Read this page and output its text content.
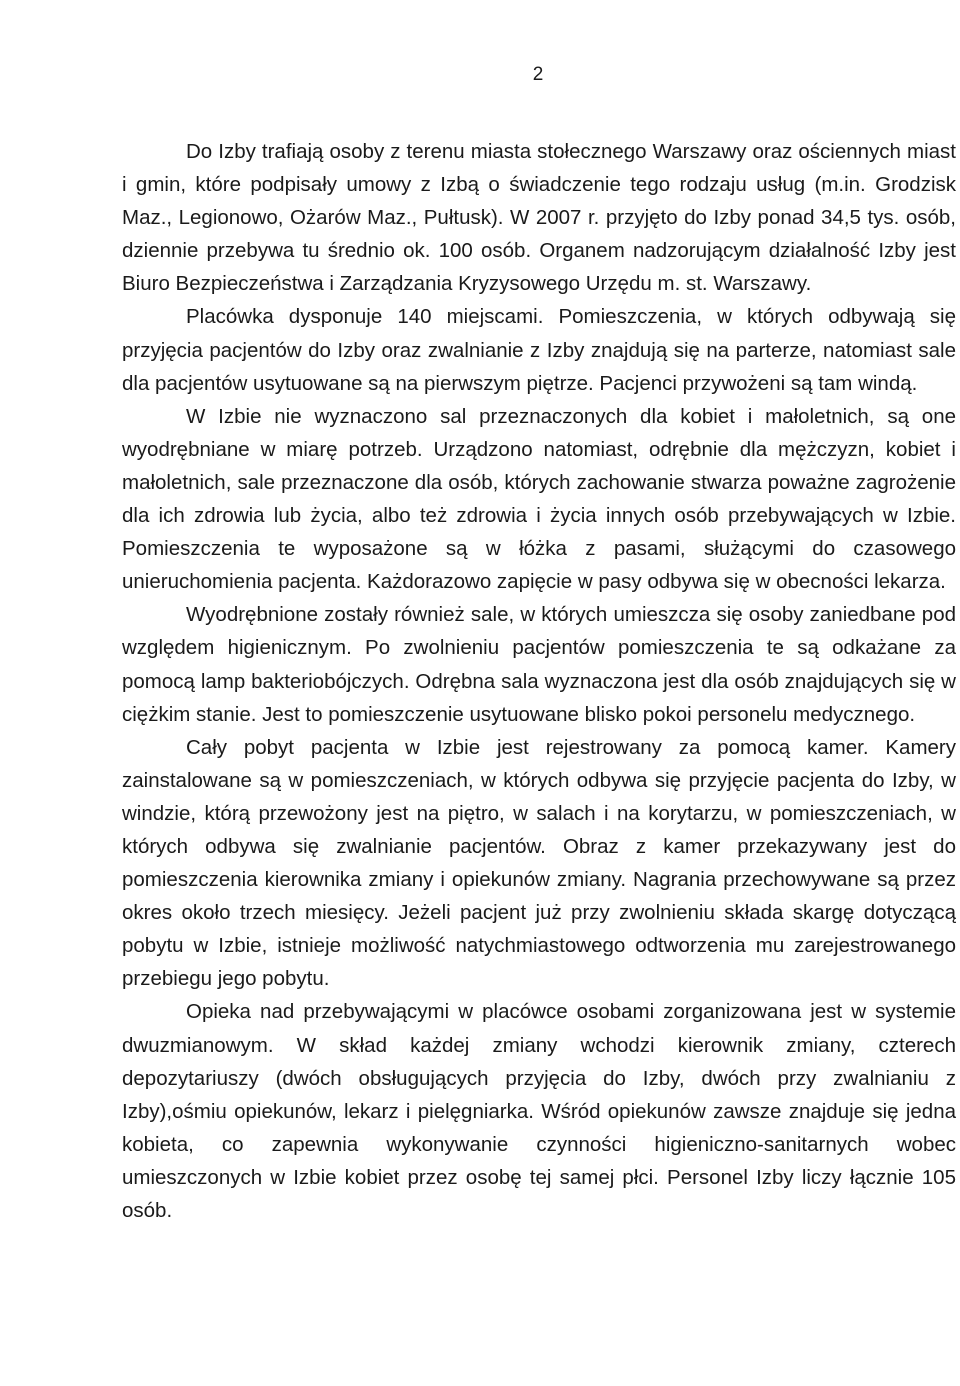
2

Do Izby trafiają osoby z terenu miasta stołecznego Warszawy oraz ościennych miast i gmin, które podpisały umowy z Izbą o świadczenie tego rodzaju usług (m.in. Grodzisk Maz., Legionowo, Ożarów Maz., Pułtusk). W 2007 r. przyjęto do Izby ponad 34,5 tys. osób, dziennie przebywa tu średnio ok. 100 osób. Organem nadzorującym działalność Izby jest Biuro Bezpieczeństwa i Zarządzania Kryzysowego Urzędu m. st. Warszawy.

Placówka dysponuje 140 miejscami. Pomieszczenia, w których odbywają się przyjęcia pacjentów do Izby oraz zwalnianie z Izby znajdują się na parterze, natomiast sale dla pacjentów usytuowane są na pierwszym piętrze. Pacjenci przywożeni są tam windą.

W Izbie nie wyznaczono sal przeznaczonych dla kobiet i małoletnich, są one wyodrębniane w miarę potrzeb. Urządzono natomiast, odrębnie dla mężczyzn, kobiet i małoletnich, sale przeznaczone dla osób, których zachowanie stwarza poważne zagrożenie dla ich zdrowia lub życia, albo też zdrowia i życia innych osób przebywających w Izbie. Pomieszczenia te wyposażone są w łóżka z pasami, służącymi do czasowego unieruchomienia pacjenta. Każdorazowo zapięcie w pasy odbywa się w obecności lekarza.

Wyodrębnione zostały również sale, w których umieszcza się osoby zaniedbane pod względem higienicznym. Po zwolnieniu pacjentów pomieszczenia te są odkażane za pomocą lamp bakteriobójczych. Odrębna sala wyznaczona jest dla osób znajdujących się w ciężkim stanie. Jest to pomieszczenie usytuowane blisko pokoi personelu medycznego.

Cały pobyt pacjenta w Izbie jest rejestrowany za pomocą kamer. Kamery zainstalowane są w pomieszczeniach, w których odbywa się przyjęcie pacjenta do Izby, w windzie, którą przewożony jest na piętro, w salach i na korytarzu, w pomieszczeniach, w których odbywa się zwalnianie pacjentów. Obraz z kamer przekazywany jest do pomieszczenia kierownika zmiany i opiekunów zmiany. Nagrania przechowywane są przez okres około trzech miesięcy. Jeżeli pacjent już przy zwolnieniu składa skargę dotyczącą pobytu w Izbie, istnieje możliwość natychmiastowego odtworzenia mu zarejestrowanego przebiegu jego pobytu.

Opieka nad przebywającymi w placówce osobami zorganizowana jest w systemie dwuzmianowym. W skład każdej zmiany wchodzi kierownik zmiany, czterech depozytariuszy (dwóch obsługujących przyjęcia do Izby, dwóch przy zwalnianiu z Izby),ośmiu opiekunów, lekarz i pielęgniarka. Wśród opiekunów zawsze znajduje się jedna kobieta, co zapewnia wykonywanie czynności higieniczno-sanitarnych wobec umieszczonych w Izbie kobiet przez osobę tej samej płci. Personel Izby liczy łącznie 105 osób.
